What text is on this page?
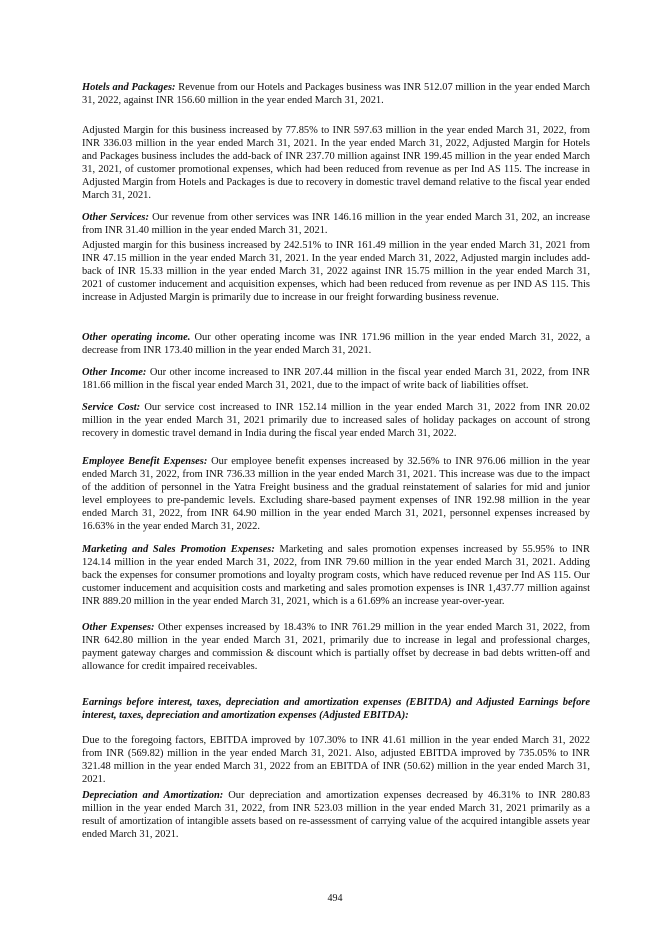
Hotels and Packages: Revenue from our Hotels and Packages business was INR 512.07 million in the year ended March 31, 2022, against INR 156.60 million in the year ended March 31, 2021.

Adjusted Margin for this business increased by 77.85% to INR 597.63 million in the year ended March 31, 2022, from INR 336.03 million in the year ended March 31, 2021. In the year ended March 31, 2022, Adjusted Margin for Hotels and Packages business includes the add-back of INR 237.70 million against INR 199.45 million in the year ended March 31, 2021, of customer promotional expenses, which had been reduced from revenue as per Ind AS 115. The increase in Adjusted Margin from Hotels and Packages is due to recovery in domestic travel demand relative to the fiscal year ended March 31, 2021.

Other Services: Our revenue from other services was INR 146.16 million in the year ended March 31, 202, an increase from INR 31.40 million in the year ended March 31, 2021.

Adjusted margin for this business increased by 242.51% to INR 161.49 million in the year ended March 31, 2021 from INR 47.15 million in the year ended March 31, 2021. In the year ended March 31, 2022, Adjusted margin includes add-back of INR 15.33 million in the year ended March 31, 2022 against INR 15.75 million in the year ended March 31, 2021 of customer inducement and acquisition expenses, which had been reduced from revenue as per IND AS 115. This increase in Adjusted Margin is primarily due to increase in our freight forwarding business revenue.

Other operating income. Our other operating income was INR 171.96 million in the year ended March 31, 2022, a decrease from INR 173.40 million in the year ended March 31, 2021.

Other Income: Our other income increased to INR 207.44 million in the fiscal year ended March 31, 2022, from INR 181.66 million in the fiscal year ended March 31, 2021, due to the impact of write back of liabilities offset.

Service Cost: Our service cost increased to INR 152.14 million in the year ended March 31, 2022 from INR 20.02 million in the year ended March 31, 2021 primarily due to increased sales of holiday packages on account of strong recovery in domestic travel demand in India during the fiscal year ended March 31, 2022.

Employee Benefit Expenses: Our employee benefit expenses increased by 32.56% to INR 976.06 million in the year ended March 31, 2022, from INR 736.33 million in the year ended March 31, 2021. This increase was due to the impact of the addition of personnel in the Yatra Freight business and the gradual reinstatement of salaries for mid and junior level employees to pre-pandemic levels. Excluding share-based payment expenses of INR 192.98 million in the year ended March 31, 2022, from INR 64.90 million in the year ended March 31, 2021, personnel expenses increased by 16.63% in the year ended March 31, 2022.

Marketing and Sales Promotion Expenses: Marketing and sales promotion expenses increased by 55.95% to INR 124.14 million in the year ended March 31, 2022, from INR 79.60 million in the year ended March 31, 2021. Adding back the expenses for consumer promotions and loyalty program costs, which have reduced revenue per Ind AS 115. Our customer inducement and acquisition costs and marketing and sales promotion expenses is INR 1,437.77 million against INR 889.20 million in the year ended March 31, 2021, which is a 61.69% an increase year-over-year.

Other Expenses: Other expenses increased by 18.43% to INR 761.29 million in the year ended March 31, 2022, from INR 642.80 million in the year ended March 31, 2021, primarily due to increase in legal and professional charges, payment gateway charges and commission & discount which is partially offset by decrease in bad debts written-off and allowance for credit impaired receivables.

Earnings before interest, taxes, depreciation and amortization expenses (EBITDA) and Adjusted Earnings before interest, taxes, depreciation and amortization expenses (Adjusted EBITDA):

Due to the foregoing factors, EBITDA improved by 107.30% to INR 41.61 million in the year ended March 31, 2022 from INR (569.82) million in the year ended March 31, 2021. Also, adjusted EBITDA improved by 735.05% to INR 321.48 million in the year ended March 31, 2022 from an EBITDA of INR (50.62) million in the year ended March 31, 2021.

Depreciation and Amortization: Our depreciation and amortization expenses decreased by 46.31% to INR 280.83 million in the year ended March 31, 2022, from INR 523.03 million in the year ended March 31, 2021 primarily as a result of amortization of intangible assets based on re-assessment of carrying value of the acquired intangible assets year ended March 31, 2021.

494
